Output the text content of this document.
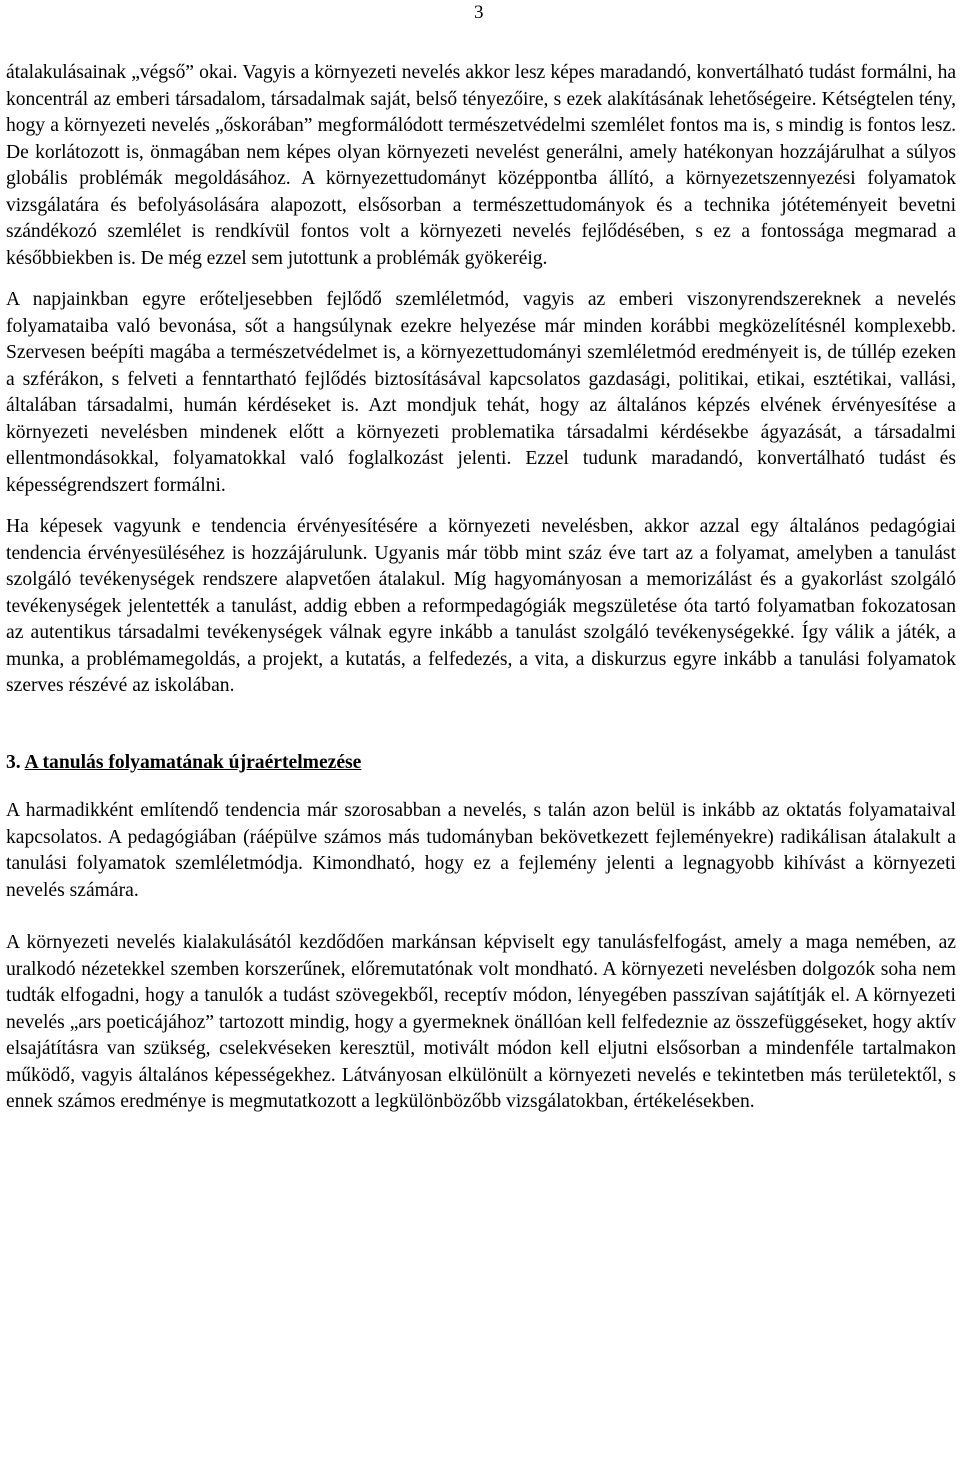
3

átalakulásainak „végső” okai. Vagyis a környezeti nevelés akkor lesz képes maradandó, konvertálható tudást formálni, ha koncentrál az emberi társadalom, társadalmak saját, belső tényezőire, s ezek alakításának lehetőségeire. Kétségtelen tény, hogy a környezeti nevelés „őskorában” megformálódott természetvédelmi szemlélet fontos ma is, s mindig is fontos lesz. De korlátozott is, önmagában nem képes olyan környezeti nevelést generálni, amely hatékonyan hozzájárulhat a súlyos globális problémák megoldásához. A környezettudományt középpontba állító, a környezetszennyezési folyamatok vizsgálatára és befolyásolására alapozott, elsősorban a természettudományok és a technika jótéteményeit bevetni szándékozó szemlélet is rendkívül fontos volt a környezeti nevelés fejlődésében, s ez a fontossága megmarad a későbbiekben is. De még ezzel sem jutottunk a problémák gyökeréig.

A napjainkban egyre erőteljesebben fejlődő szemléletmód, vagyis az emberi viszonyrendszereknek a nevelés folyamataiba való bevonása, sőt a hangsúlynak ezekre helyezése már minden korábbi megközelítésnél komplexebb. Szervesen beépíti magába a természetvédelmet is, a környezettudományi szemléletmód eredményeit is, de túllép ezeken a szférákon, s felveti a fenntartható fejlődés biztosításával kapcsolatos gazdasági, politikai, etikai, esztétikai, vallási, általában társadalmi, humán kérdéseket is. Azt mondjuk tehát, hogy az általános képzés elvének érvényesítése a környezeti nevelésben mindenek előtt a környezeti problematika társadalmi kérdésekbe ágyazását, a társadalmi ellentmondásokkal, folyamatokkal való foglalkozást jelenti. Ezzel tudunk maradandó, konvertálható tudást és képességrendszert formálni.

Ha képesek vagyunk e tendencia érvényesítésére a környezeti nevelésben, akkor azzal egy általános pedagógiai tendencia érvényesüléséhez is hozzájárulunk. Ugyanis már több mint száz éve tart az a folyamat, amelyben a tanulást szolgáló tevékenységek rendszere alapvetően átalakul. Míg hagyományosan a memorizálást és a gyakorlást szolgáló tevékenységek jelentették a tanulást, addig ebben a reformpedagógiák megszületése óta tartó folyamatban fokozatosan az autentikus társadalmi tevékenységek válnak egyre inkább a tanulást szolgáló tevékenységekké. Így válik a játék, a munka, a problémamegoldás, a projekt, a kutatás, a felfedezés, a vita, a diskurzus egyre inkább a tanulási folyamatok szerves részévé az iskolában.

3. A tanulás folyamatának újraértelmezése

A harmadikként említendő tendencia már szorosabban a nevelés, s talán azon belül is inkább az oktatás folyamataival kapcsolatos. A pedagógiában (ráépülve számos más tudományban bekövetkezett fejleményekre) radikálisan átalakult a tanulási folyamatok szemléletmódja. Kimondható, hogy ez a fejlemény jelenti a legnagyobb kihívást a környezeti nevelés számára.

A környezeti nevelés kialakulásától kezdődően markánsan képviselt egy tanulásfelfogást, amely a maga nemében, az uralkodó nézetekkel szemben korszerűnek, előremutatónak volt mondható. A környezeti nevelésben dolgozók soha nem tudták elfogadni, hogy a tanulók a tudást szövegekből, receptív módon, lényegében passzívan sajátítják el. A környezeti nevelés „ars poeticájához” tartozott mindig, hogy a gyermeknek önállóan kell felfedeznie az összefüggéseket, hogy aktív elsajátításra van szükség, cselekvéseken keresztül, motivált módon kell eljutni elsősorban a mindenféle tartalmakon működő, vagyis általános képességekhez. Látványosan elkülönült a környezeti nevelés e tekintetben más területektől, s ennek számos eredménye is megmutatkozott a legkülönbözőbb vizsgálatokban, értékelésekben.
